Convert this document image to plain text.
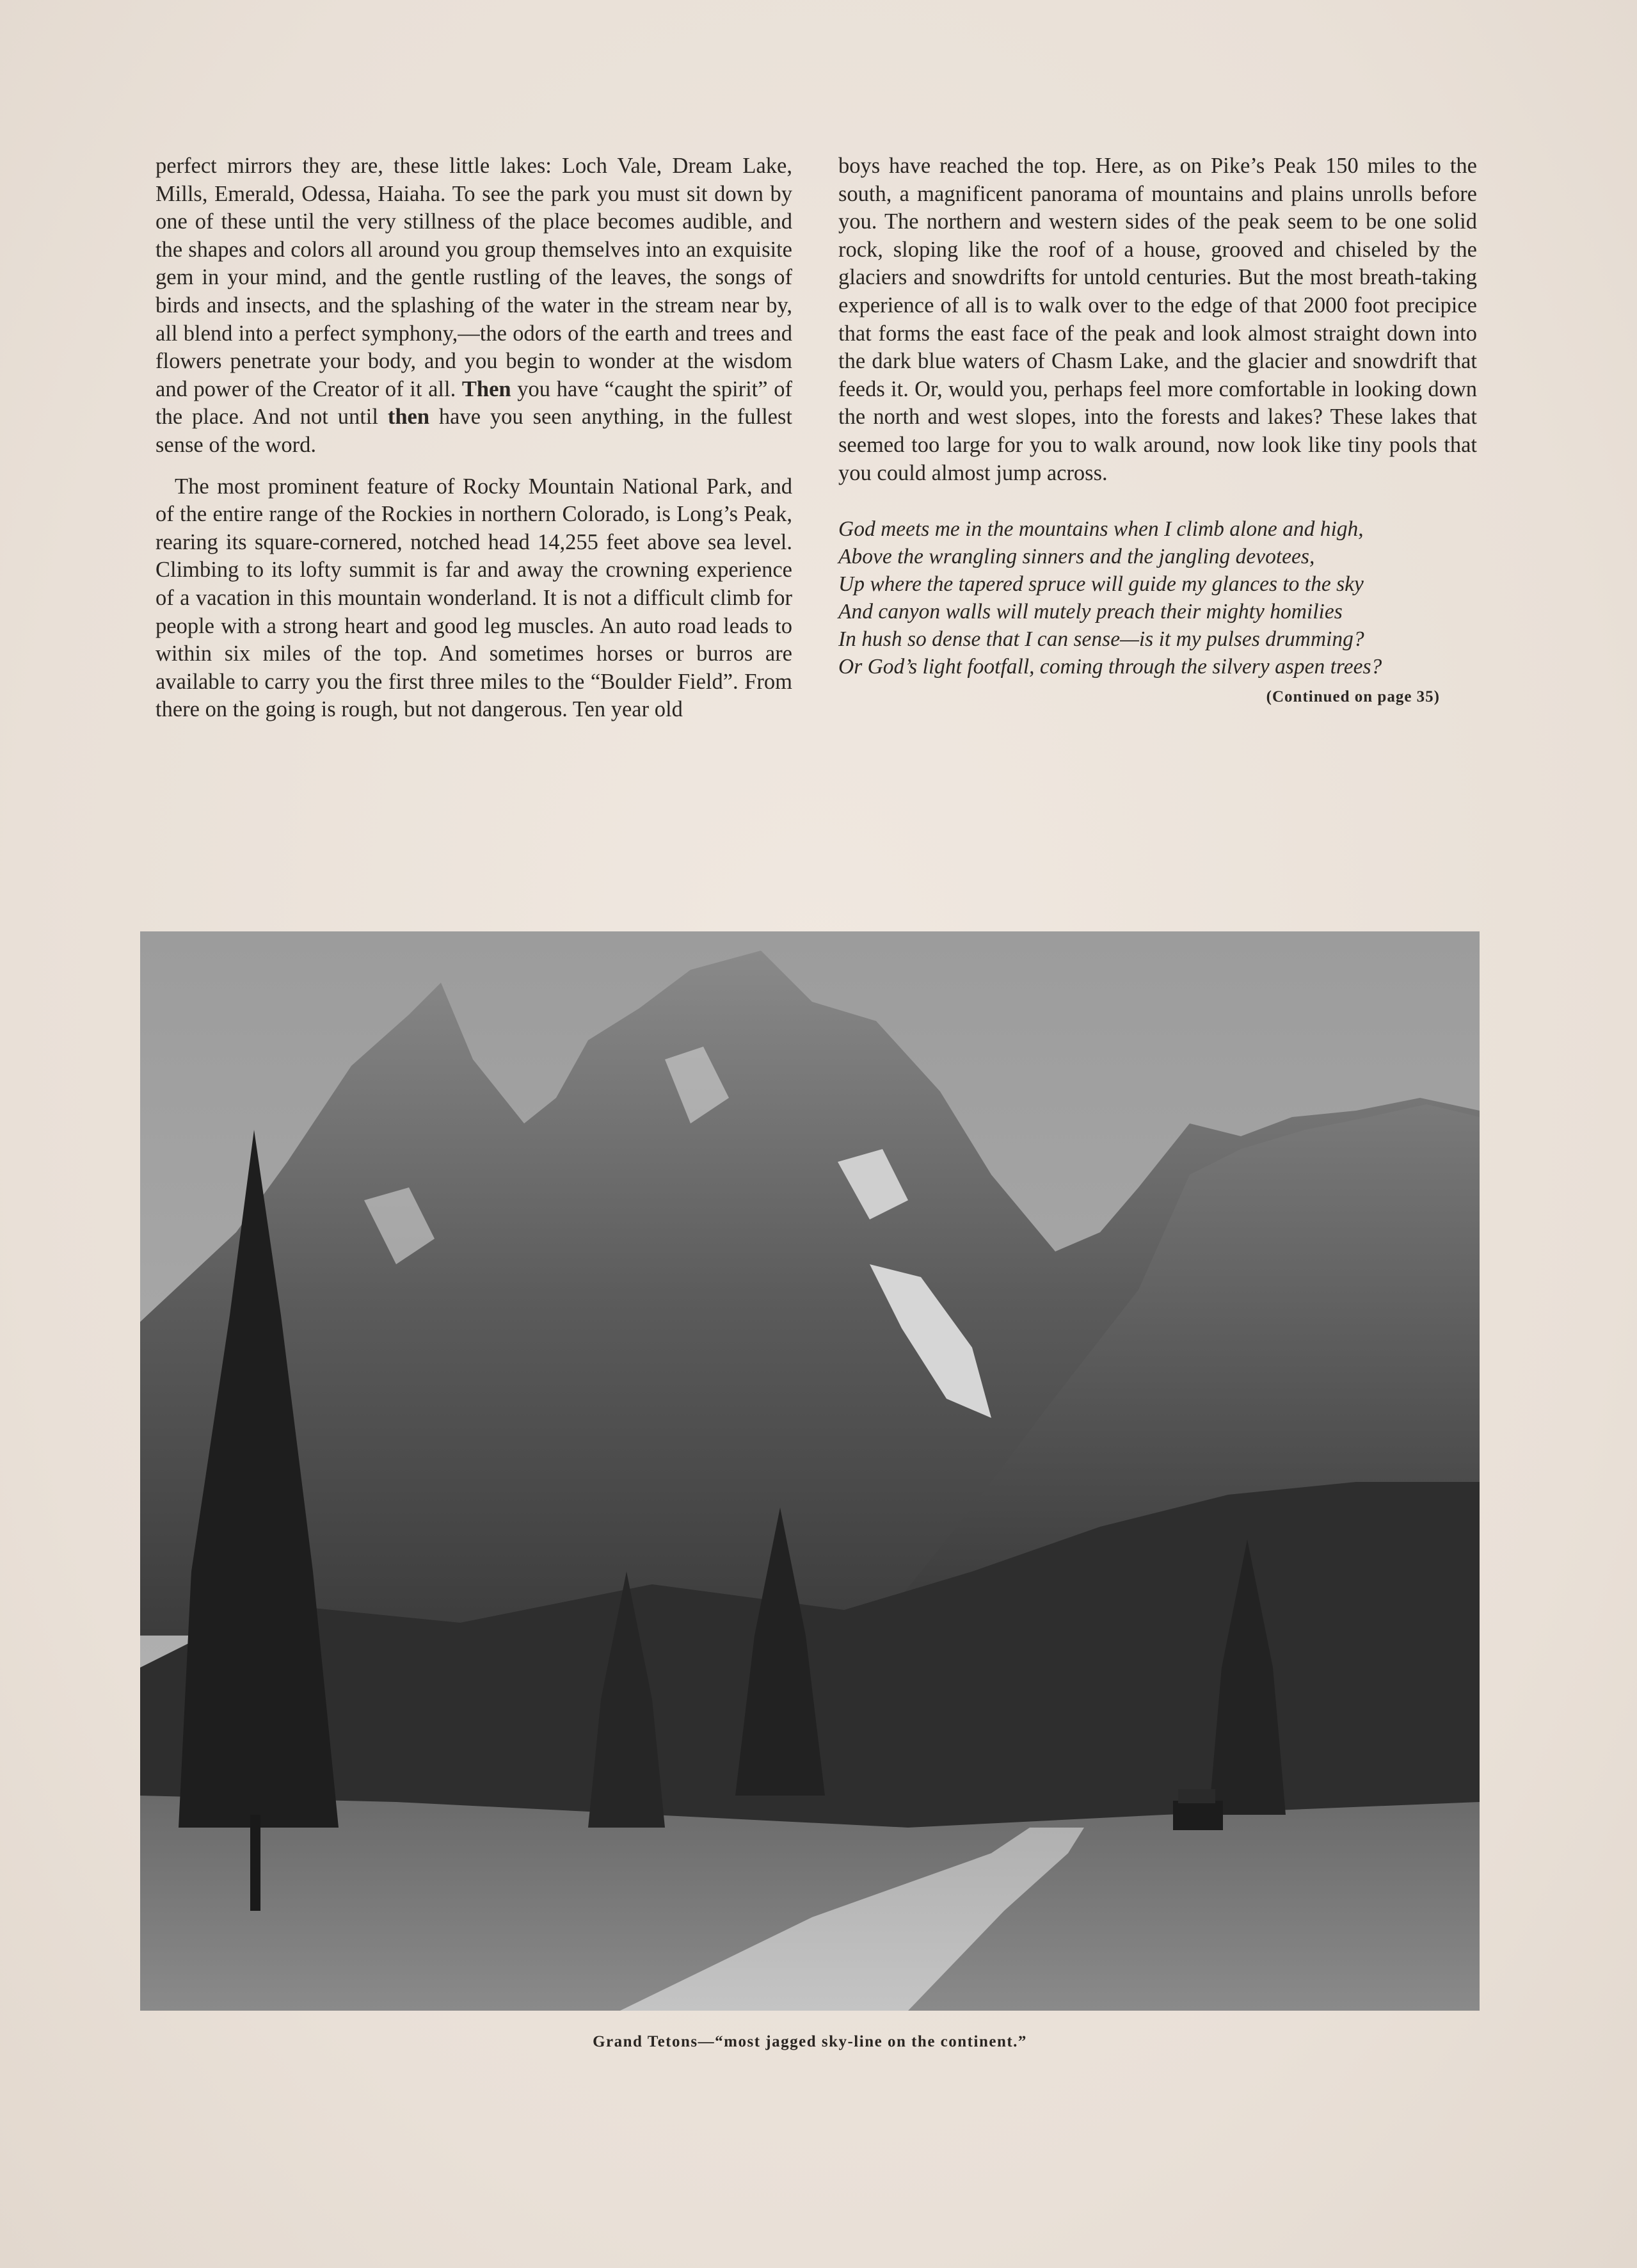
perfect mirrors they are, these little lakes: Loch Vale, Dream Lake, Mills, Emerald, Odessa, Haiaha. To see the park you must sit down by one of these until the very stillness of the place becomes audible, and the shapes and colors all around you group themselves into an exquisite gem in your mind, and the gentle rustling of the leaves, the songs of birds and insects, and the splashing of the water in the stream near by, all blend into a perfect symphony,—the odors of the earth and trees and flowers penetrate your body, and you begin to wonder at the wisdom and power of the Creator of it all. Then you have “caught the spirit” of the place. And not until then have you seen anything, in the fullest sense of the word.

The most prominent feature of Rocky Mountain National Park, and of the entire range of the Rockies in northern Colorado, is Long’s Peak, rearing its square-cornered, notched head 14,255 feet above sea level. Climbing to its lofty summit is far and away the crowning experience of a vacation in this mountain wonderland. It is not a difficult climb for people with a strong heart and good leg muscles. An auto road leads to within six miles of the top. And sometimes horses or burros are available to carry you the first three miles to the “Boulder Field”. From there on the going is rough, but not dangerous. Ten year old

boys have reached the top. Here, as on Pike’s Peak 150 miles to the south, a magnificent panorama of mountains and plains unrolls before you. The northern and western sides of the peak seem to be one solid rock, sloping like the roof of a house, grooved and chiseled by the glaciers and snowdrifts for untold centuries. But the most breath-taking experience of all is to walk over to the edge of that 2000 foot precipice that forms the east face of the peak and look almost straight down into the dark blue waters of Chasm Lake, and the glacier and snowdrift that feeds it. Or, would you, perhaps feel more comfortable in looking down the north and west slopes, into the forests and lakes? These lakes that seemed too large for you to walk around, now look like tiny pools that you could almost jump across.

God meets me in the mountains when I climb alone and high,

Above the wrangling sinners and the jangling devotees,

Up where the tapered spruce will guide my glances to the sky

And canyon walls will mutely preach their mighty homilies

In hush so dense that I can sense—is it my pulses drumming?

Or God’s light footfall, coming through the silvery aspen trees?

(Continued on page 35)
Grand Tetons—“most jagged sky-line on the continent.”
